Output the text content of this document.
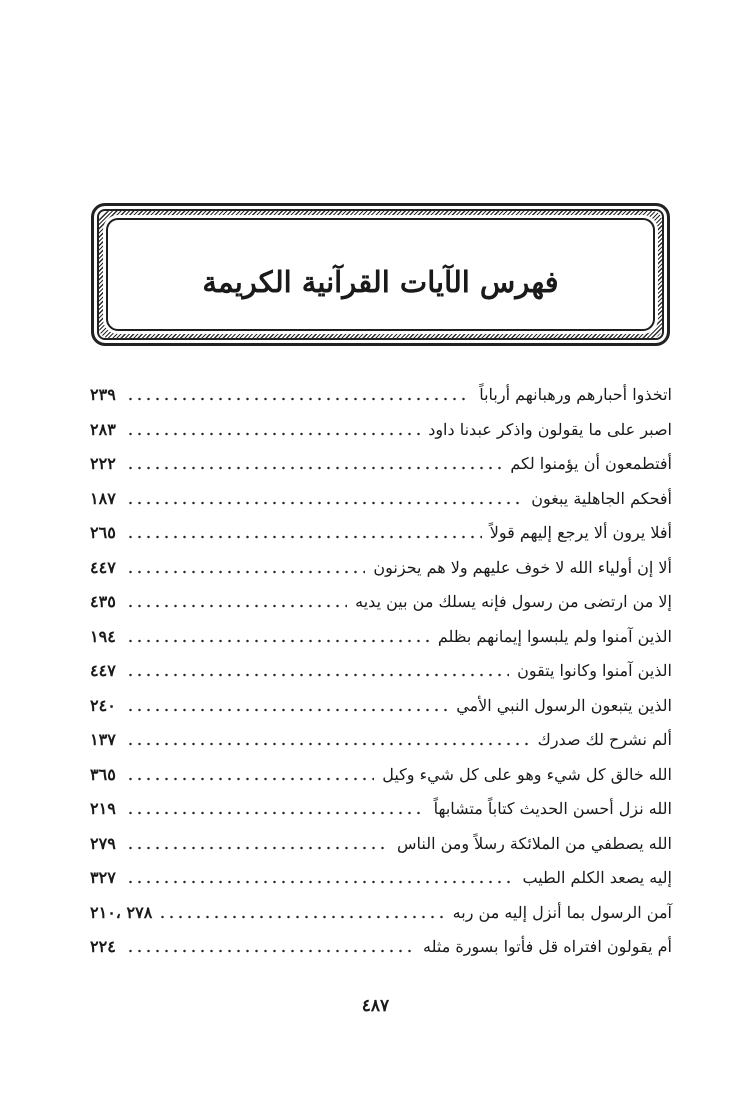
فهرس الآيات القرآنية الكريمة
اتخذوا أحبارهم ورهبانهم أرباباً
٢٣٩
اصبر على ما يقولون واذكر عبدنا داود
٢٨٣
أفتطمعون أن يؤمنوا لكم
٢٢٢
أفحكم الجاهلية يبغون
١٨٧
أفلا يرون ألا يرجع إليهم قولاً
٢٦٥
ألا إن أولياء الله لا خوف عليهم ولا هم يحزنون
٤٤٧
إلا من ارتضى من رسول فإنه يسلك من بين يديه
٤٣٥
الذين آمنوا ولم يلبسوا إيمانهم بظلم
١٩٤
الذين آمنوا وكانوا يتقون
٤٤٧
الذين يتبعون الرسول النبي الأمي
٢٤٠
ألم نشرح لك صدرك
١٣٧
الله خالق كل شيء وهو على كل شيء وكيل
٣٦٥
الله نزل أحسن الحديث كتاباً متشابهاً
٢١٩
الله يصطفي من الملائكة رسلاً ومن الناس
٢٧٩
إليه يصعد الكلم الطيب
٣٢٧
آمن الرسول بما أنزل إليه من ربه
٢٧٨ ،٢١٠
أم يقولون افتراه قل فأتوا بسورة مثله
٢٢٤
٤٨٧
